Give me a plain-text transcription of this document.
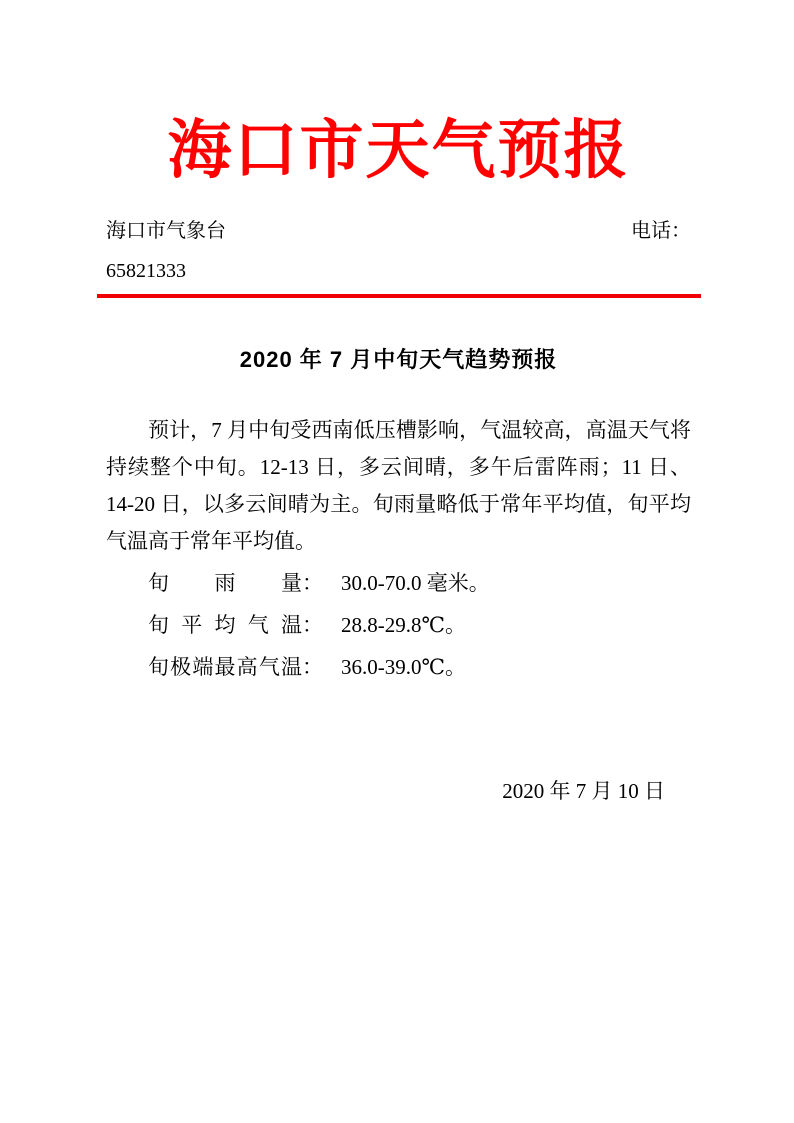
海口市天气预报
海口市气象台	电话：
65821333
2020 年 7 月中旬天气趋势预报

预计，7 月中旬受西南低压槽影响，气温较高，高温天气将持续整个中旬。12-13 日，多云间晴，多午后雷阵雨；11 日、14-20 日，以多云间晴为主。旬雨量略低于常年平均值，旬平均气温高于常年平均值。

旬雨量： 30.0-70.0 毫米。
旬平均气温： 28.8-29.8℃。
旬极端最高气温： 36.0-39.0℃。
2020 年 7 月 10 日
